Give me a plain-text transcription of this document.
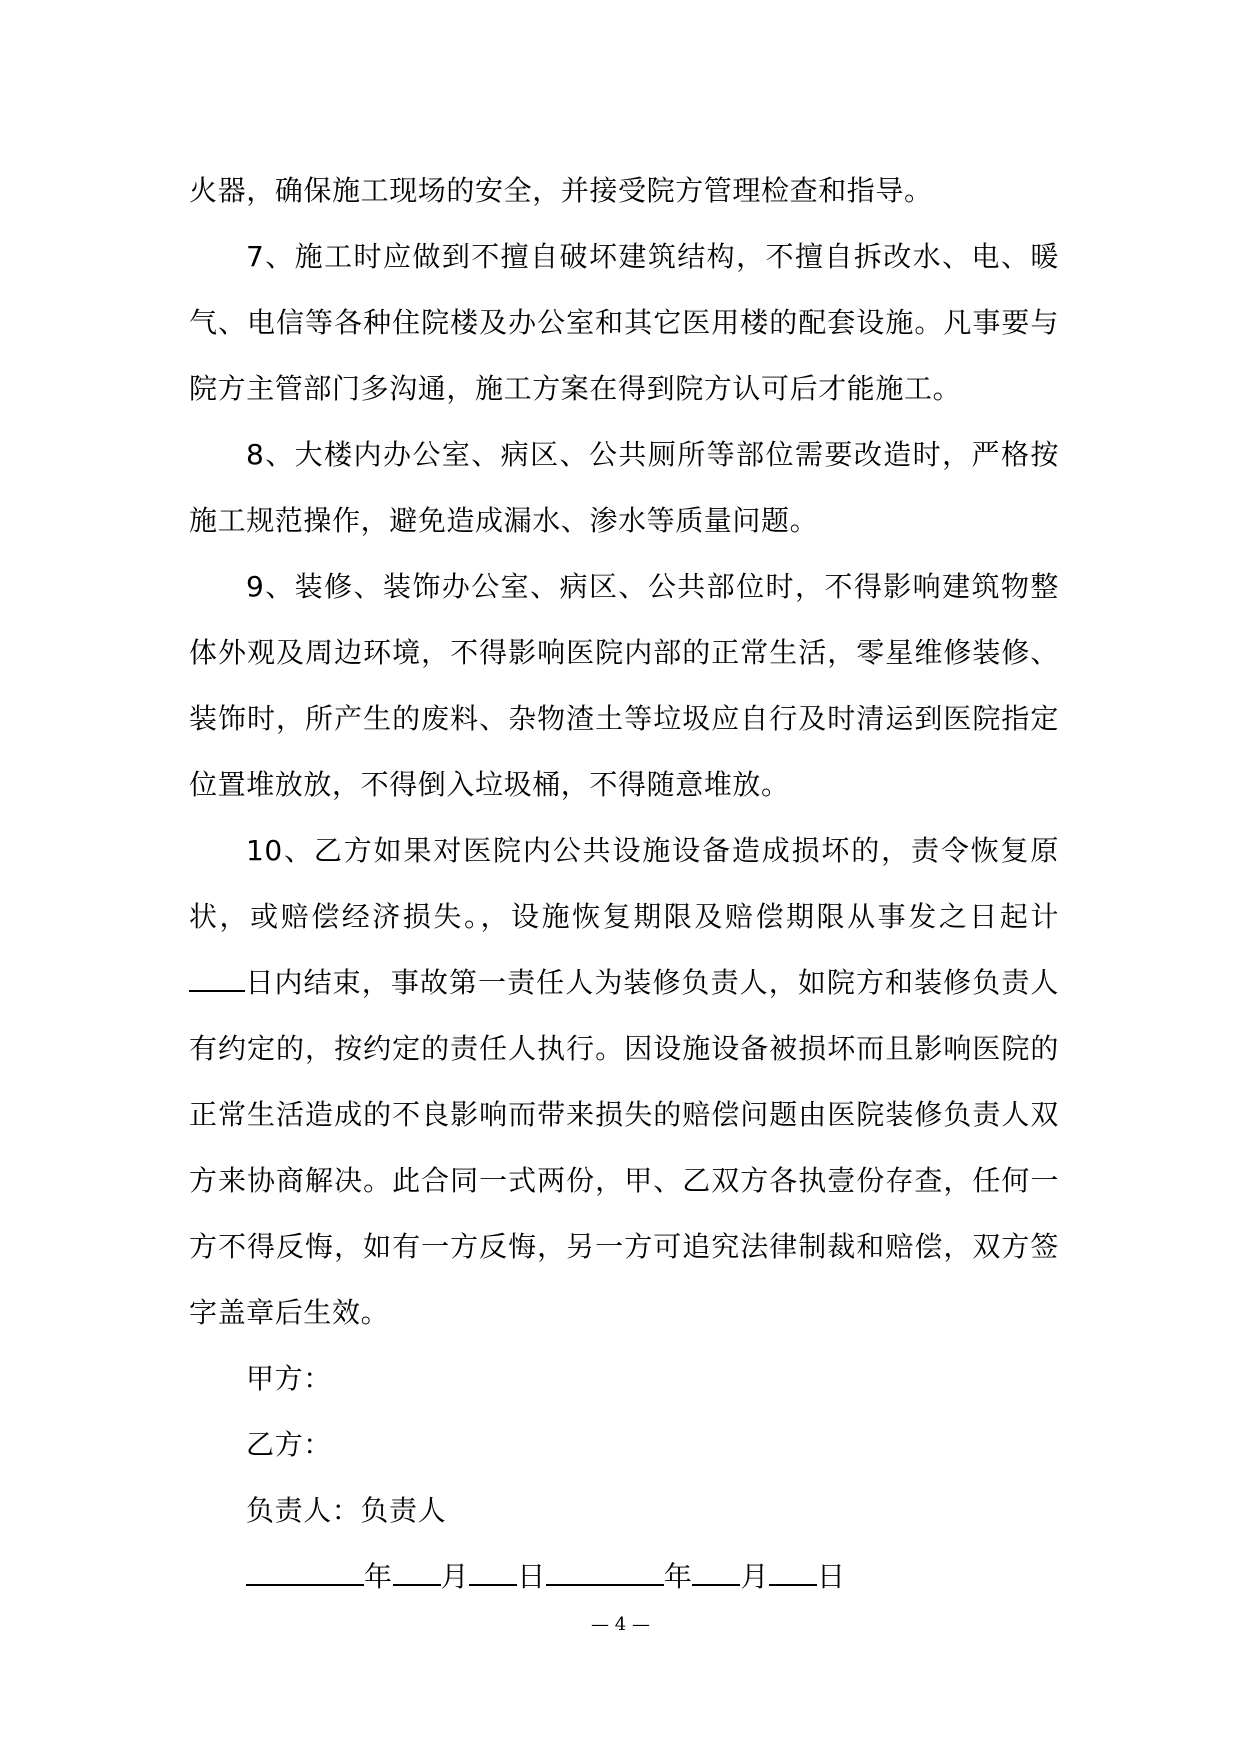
火器，确保施工现场的安全，并接受院方管理检查和指导。

7、施工时应做到不擅自破坏建筑结构，不擅自拆改水、电、暖气、电信等各种住院楼及办公室和其它医用楼的配套设施。凡事要与院方主管部门多沟通，施工方案在得到院方认可后才能施工。

8、大楼内办公室、病区、公共厕所等部位需要改造时，严格按施工规范操作，避免造成漏水、渗水等质量问题。

9、装修、装饰办公室、病区、公共部位时，不得影响建筑物整体外观及周边环境，不得影响医院内部的正常生活，零星维修装修、装饰时，所产生的废料、杂物渣土等垃圾应自行及时清运到医院指定位置堆放放，不得倒入垃圾桶，不得随意堆放。

10、乙方如果对医院内公共设施设备造成损坏的，责令恢复原状，或赔偿经济损失。，设施恢复期限及赔偿期限从事发之日起计日内结束，事故第一责任人为装修负责人，如院方和装修负责人有约定的，按约定的责任人执行。因设施设备被损坏而且影响医院的正常生活造成的不良影响而带来损失的赔偿问题由医院装修负责人双方来协商解决。此合同一式两份，甲、乙双方各执壹份存查，任何一方不得反悔，如有一方反悔，另一方可追究法律制裁和赔偿，双方签字盖章后生效。

甲方：

乙方：

负责人：负责人

年 月 日	年 月 日

— 4 —
